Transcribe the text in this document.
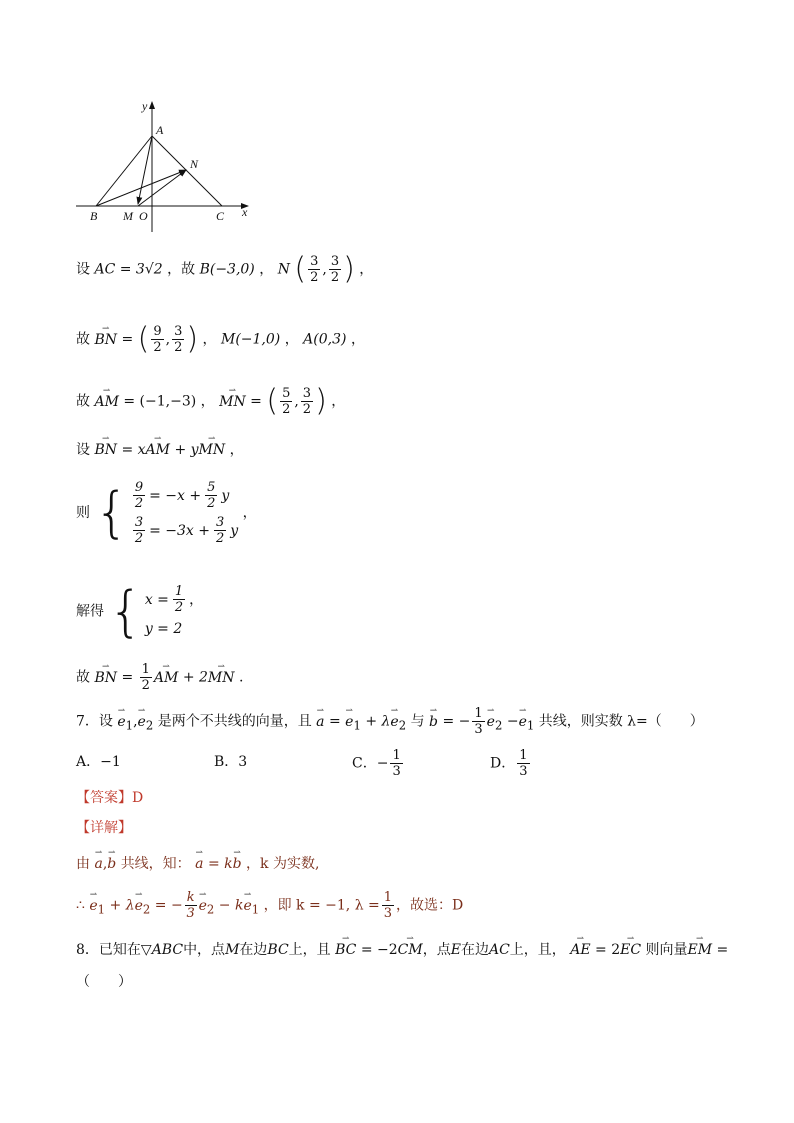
y
x
A
N
B M O	C
设 AC = 3√2 ，故 B(−3,0) ， N ( $\frac{3}{2}$ , $\frac{3}{2}$ ) ，
故 ⇀ BN = ( $\frac{9}{2}$ , $\frac{3}{2}$ ) ， M(−1,0) ， A(0,3) ，
故 ⇀ AM = (−1,−3) ， ⇀ MN = ( $\frac{5}{2}$ , $\frac{3}{2}$ ) ，
设 ⇀ BN = x⇀ AM + y⇀ MN ，
则 { $\frac{9}{2} = -x + \frac{5}{2}$ y
$\frac{3}{2} = -3x + \frac{3}{2}$ y
，
解得 { $x = \frac{1}{2}$ ，
y = 2
故 ⇀ BN = $\frac{1}{2}$ ⇀ AM + 2⇀ MN .
7．设 ⇀ $e_1,⇀$ $e_2$ 是两个不共线的向量，且 ⇀ a = ⇀ $e_1$ + λ⇀ $e_2$ 与 ⇀ b = − $\frac{1}{3}$ ⇀ $e_2$ −⇀ $e_1$ 共线，则实数 λ=（　　）
A．−1	B．3	C．− $\frac{1}{3}$	D． $\frac{1}{3}$
【答案】D
【详解】
由 ⇀ a,⇀ b 共线，知： ⇀ a = k⇀ b ，k 为实数,
∴ ⇀ $e_1$ + λ⇀ $e_2$ = − $\frac{k}{3}$ ⇀ $e_2$ − k⇀ $e_1$ ，即 k = −1, $\lambda = \frac{1}{3}$ ，故选：D
8．已知在▽ABC中，点M在边BC上，且 ⇀ BC = −2⇀ CM，点E在边AC上，且， ⇀ AE = 2⇀ EC 则向量⇀ EM =
（　　）
